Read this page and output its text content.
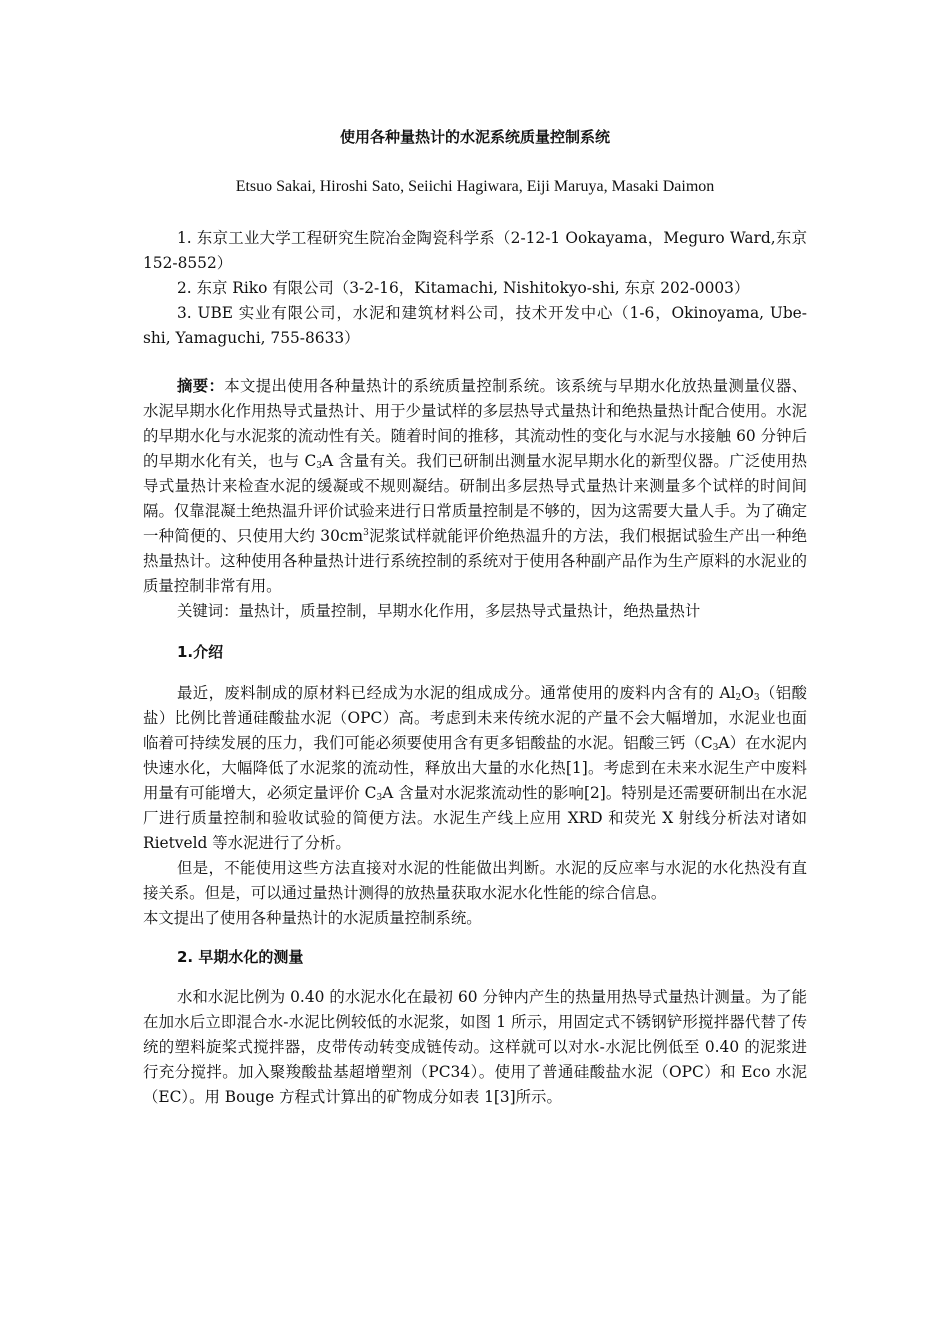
使用各种量热计的水泥系统质量控制系统
Etsuo Sakai, Hiroshi Sato, Seiichi Hagiwara, Eiji Maruya, Masaki Daimon

1. 东京工业大学工程研究生院冶金陶瓷科学系（2-12-1 Ookayama，Meguro Ward,东京152-8552）

2. 东京 Riko 有限公司（3-2-16，Kitamachi, Nishitokyo-shi, 东京 202-0003）

3. UBE 实业有限公司，水泥和建筑材料公司，技术开发中心（1-6，Okinoyama, Ube-shi, Yamaguchi, 755-8633）

摘要：本文提出使用各种量热计的系统质量控制系统。该系统与早期水化放热量测量仪器、水泥早期水化作用热导式量热计、用于少量试样的多层热导式量热计和绝热量热计配合使用。水泥的早期水化与水泥浆的流动性有关。随着时间的推移，其流动性的变化与水泥与水接触 60 分钟后的早期水化有关，也与 $C_3A$ 含量有关。我们已研制出测量水泥早期水化的新型仪器。广泛使用热导式量热计来检查水泥的缓凝或不规则凝结。研制出多层热导式量热计来测量多个试样的时间间隔。仅靠混凝土绝热温升评价试验来进行日常质量控制是不够的，因为这需要大量人手。为了确定一种简便的、只使用大约 $30cm^3$泥浆试样就能评价绝热温升的方法，我们根据试验生产出一种绝热量热计。这种使用各种量热计进行系统控制的系统对于使用各种副产品作为生产原料的水泥业的质量控制非常有用。

关键词：量热计，质量控制，早期水化作用，多层热导式量热计，绝热量热计

1.介绍

最近，废料制成的原材料已经成为水泥的组成成分。通常使用的废料内含有的 $Al_2O_3$（铝酸盐）比例比普通硅酸盐水泥（OPC）高。考虑到未来传统水泥的产量不会大幅增加，水泥业也面临着可持续发展的压力，我们可能必须要使用含有更多铝酸盐的水泥。铝酸三钙$(C_3A)$在水泥内快速水化，大幅降低了水泥浆的流动性，释放出大量的水化热[1]。考虑到在未来水泥生产中废料用量有可能增大，必须定量评价 $C_3A$ 含量对水泥浆流动性的影响[2]。特别是还需要研制出在水泥厂进行质量控制和验收试验的简便方法。水泥生产线上应用 XRD 和荧光 X 射线分析法对诸如 Rietveld 等水泥进行了分析。

但是，不能使用这些方法直接对水泥的性能做出判断。水泥的反应率与水泥的水化热没有直接关系。但是，可以通过量热计测得的放热量获取水泥水化性能的综合信息。

本文提出了使用各种量热计的水泥质量控制系统。

2. 早期水化的测量

水和水泥比例为 0.40 的水泥水化在最初 60 分钟内产生的热量用热导式量热计测量。为了能在加水后立即混合水-水泥比例较低的水泥浆，如图 1 所示，用固定式不锈钢铲形搅拌器代替了传统的塑料旋桨式搅拌器，皮带传动转变成链传动。这样就可以对水-水泥比例低至 0.40 的泥浆进行充分搅拌。加入聚羧酸盐基超增塑剂（PC34）。使用了普通硅酸盐水泥（OPC）和 Eco 水泥（EC）。用 Bouge 方程式计算出的矿物成分如表 1[3]所示。
